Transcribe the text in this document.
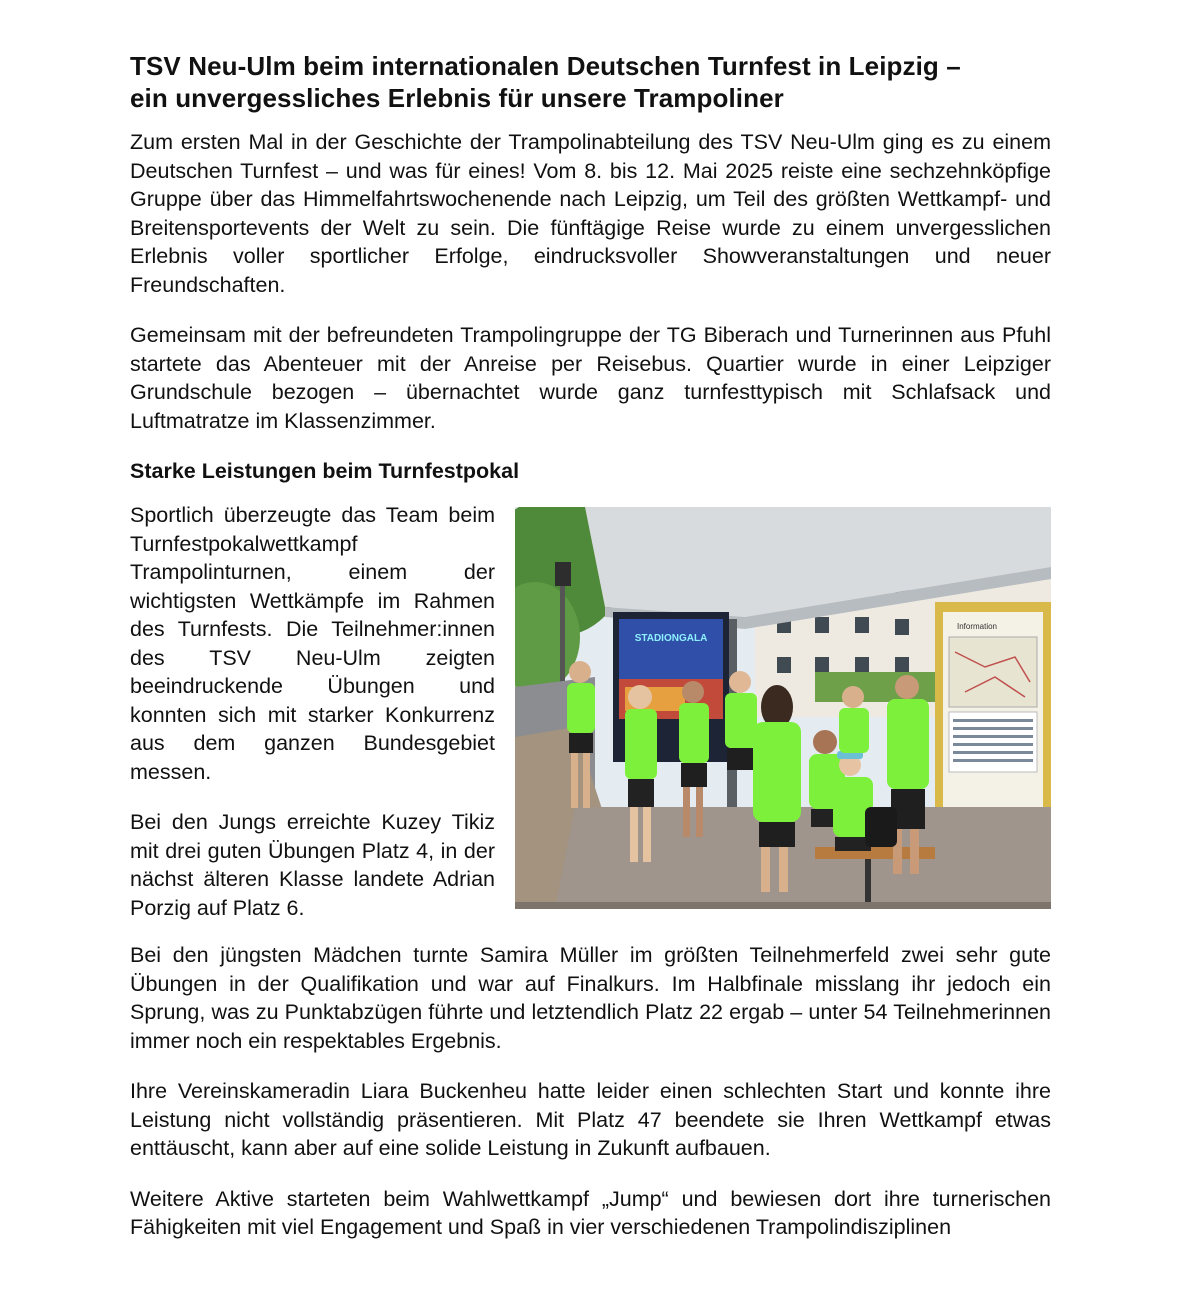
TSV Neu-Ulm beim internationalen Deutschen Turnfest in Leipzig –
ein unvergessliches Erlebnis für unsere Trampoliner

Zum ersten Mal in der Geschichte der Trampolinabteilung des TSV Neu-Ulm ging es zu einem Deutschen Turnfest – und was für eines! Vom 8. bis 12. Mai 2025 reiste eine sechzehnköpfige Gruppe über das Himmelfahrtswochenende nach Leipzig, um Teil des größten Wettkampf- und Breitensportevents der Welt zu sein. Die fünftägige Reise wurde zu einem unvergesslichen Erlebnis voller sportlicher Erfolge, eindrucksvoller Showveranstaltungen und neuer Freundschaften.

Gemeinsam mit der befreundeten Trampolingruppe der TG Biberach und Turnerinnen aus Pfuhl startete das Abenteuer mit der Anreise per Reisebus. Quartier wurde in einer Leipziger Grundschule bezogen – übernachtet wurde ganz turnfesttypisch mit Schlafsack und Luftmatratze im Klassenzimmer.

Starke Leistungen beim Turnfestpokal

Sportlich überzeugte das Team beim Turnfestpokalwettkampf Trampolinturnen, einem der wichtigsten Wettkämpfe im Rahmen des Turnfests. Die Teilnehmer:innen des TSV Neu-Ulm zeigten beeindruckende Übungen und konnten sich mit starker Konkurrenz aus dem ganzen Bundesgebiet messen.

Bei den Jungs erreichte Kuzey Tikiz mit drei guten Übungen Platz 4, in der nächst älteren Klasse landete Adrian Porzig auf Platz 6.

STADIONGALA
Information

Bei den jüngsten Mädchen turnte Samira Müller im größten Teilnehmerfeld zwei sehr gute Übungen in der Qualifikation und war auf Finalkurs. Im Halbfinale misslang ihr jedoch ein Sprung, was zu Punktabzügen führte und letztendlich Platz 22 ergab – unter 54 Teilnehmerinnen immer noch ein respektables Ergebnis.

Ihre Vereinskameradin Liara Buckenheu hatte leider einen schlechten Start und konnte ihre Leistung nicht vollständig präsentieren. Mit Platz 47 beendete sie Ihren Wettkampf etwas enttäuscht, kann aber auf eine solide Leistung in Zukunft aufbauen.

Weitere Aktive starteten beim Wahlwettkampf „Jump“ und bewiesen dort ihre turnerischen Fähigkeiten mit viel Engagement und Spaß in vier verschiedenen Trampolindisziplinen
